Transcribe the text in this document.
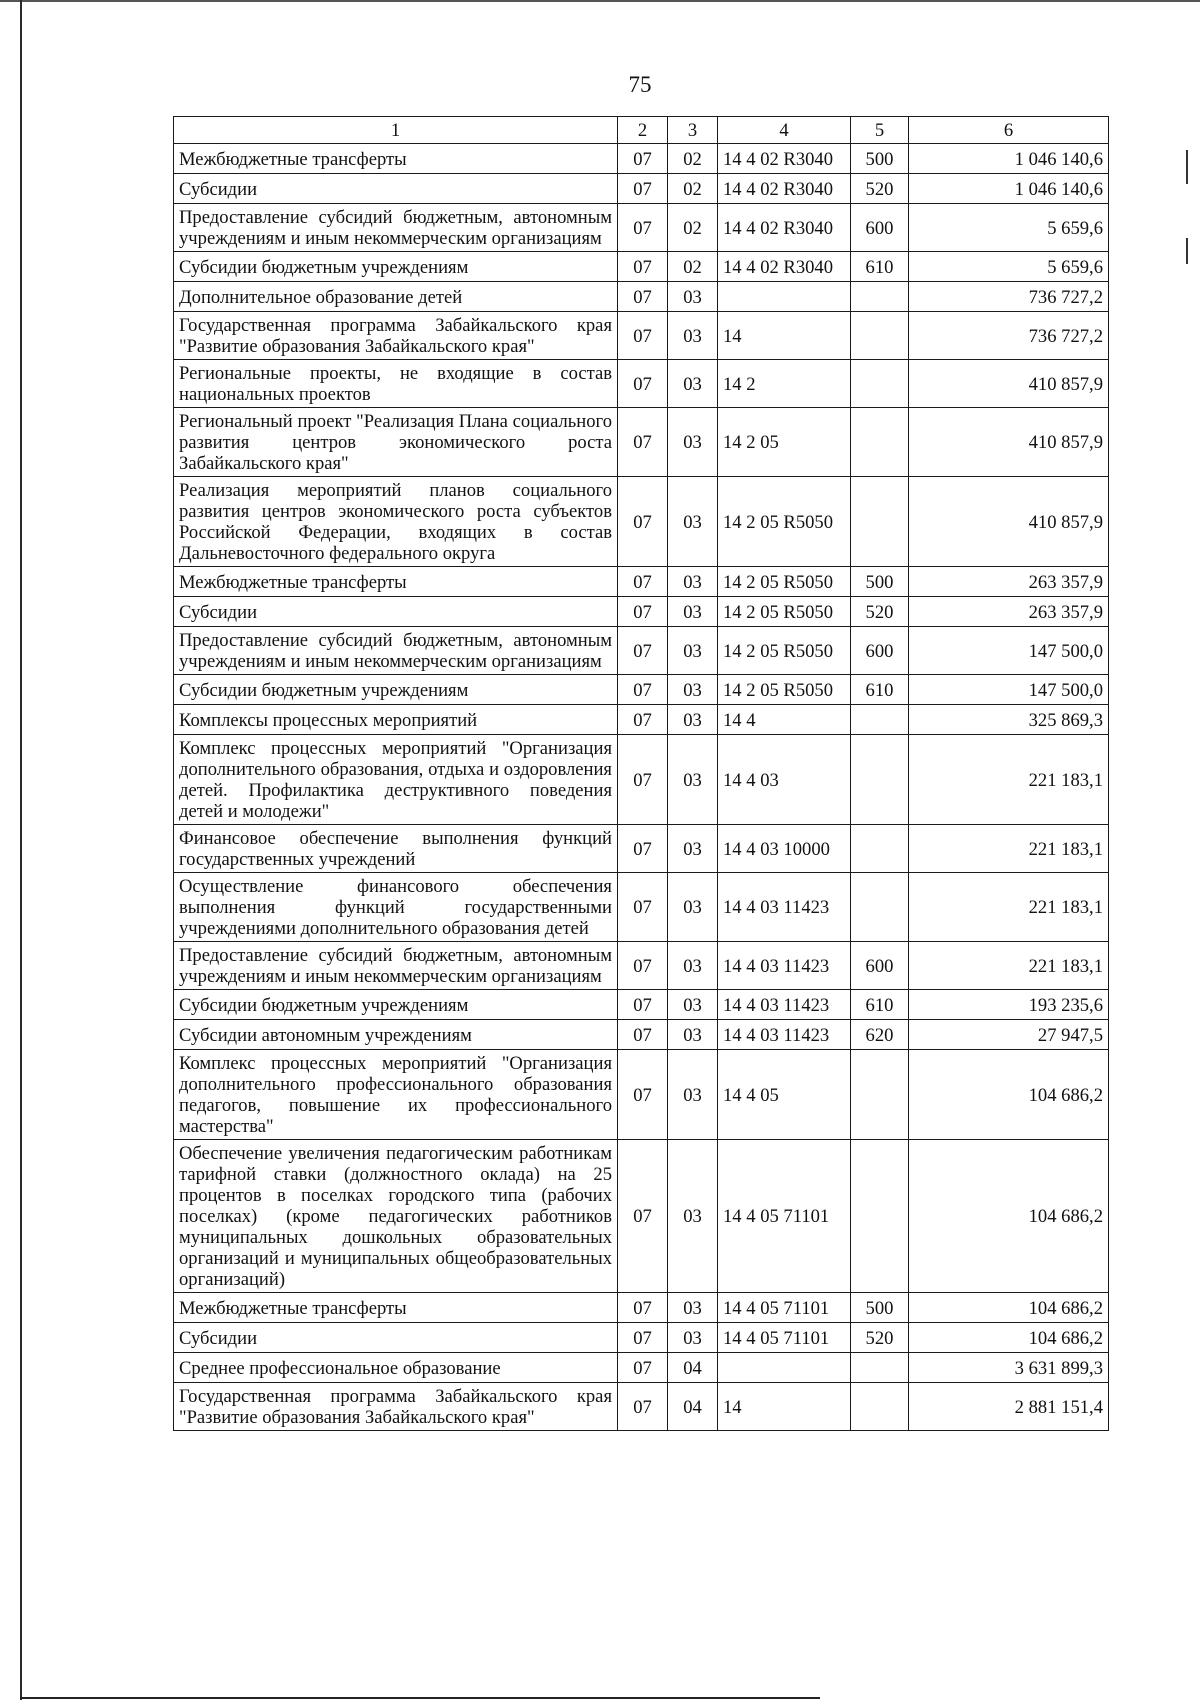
75
1	2	3	4	5	6
Межбюджетные трансферты	07	02	14 4 02 R3040	500	1 046 140,6
Субсидии	07	02	14 4 02 R3040	520	1 046 140,6
Предоставление субсидий бюджетным, автономным учреждениям и иным некоммерческим организациям	07	02	14 4 02 R3040	600	5 659,6
Субсидии бюджетным учреждениям	07	02	14 4 02 R3040	610	5 659,6
Дополнительное образование детей	07	03			736 727,2
Государственная программа Забайкальского края "Развитие образования Забайкальского края"	07	03	14		736 727,2
Региональные проекты, не входящие в состав национальных проектов	07	03	14 2		410 857,9
Региональный проект "Реализация Плана социального развития центров экономического роста Забайкальского края"	07	03	14 2 05		410 857,9
Реализация мероприятий планов социального развития центров экономического роста субъектов Российской Федерации, входящих в состав Дальневосточного федерального округа	07	03	14 2 05 R5050		410 857,9
Межбюджетные трансферты	07	03	14 2 05 R5050	500	263 357,9
Субсидии	07	03	14 2 05 R5050	520	263 357,9
Предоставление субсидий бюджетным, автономным учреждениям и иным некоммерческим организациям	07	03	14 2 05 R5050	600	147 500,0
Субсидии бюджетным учреждениям	07	03	14 2 05 R5050	610	147 500,0
Комплексы процессных мероприятий	07	03	14 4		325 869,3
Комплекс процессных мероприятий "Организация дополнительного образования, отдыха и оздоровления детей. Профилактика деструктивного поведения детей и молодежи"	07	03	14 4 03		221 183,1
Финансовое обеспечение выполнения функций государственных учреждений	07	03	14 4 03 10000		221 183,1
Осуществление финансового обеспечения выполнения функций государственными учреждениями дополнительного образования детей	07	03	14 4 03 11423		221 183,1
Предоставление субсидий бюджетным, автономным учреждениям и иным некоммерческим организациям	07	03	14 4 03 11423	600	221 183,1
Субсидии бюджетным учреждениям	07	03	14 4 03 11423	610	193 235,6
Субсидии автономным учреждениям	07	03	14 4 03 11423	620	27 947,5
Комплекс процессных мероприятий "Организация дополнительного профессионального образования педагогов, повышение их профессионального мастерства"	07	03	14 4 05		104 686,2
Обеспечение увеличения педагогическим работникам тарифной ставки (должностного оклада) на 25 процентов в поселках городского типа (рабочих поселках) (кроме педагогических работников муниципальных дошкольных образовательных организаций и муниципальных общеобразовательных организаций)	07	03	14 4 05 71101		104 686,2
Межбюджетные трансферты	07	03	14 4 05 71101	500	104 686,2
Субсидии	07	03	14 4 05 71101	520	104 686,2
Среднее профессиональное образование	07	04			3 631 899,3
Государственная программа Забайкальского края "Развитие образования Забайкальского края"	07	04	14		2 881 151,4
